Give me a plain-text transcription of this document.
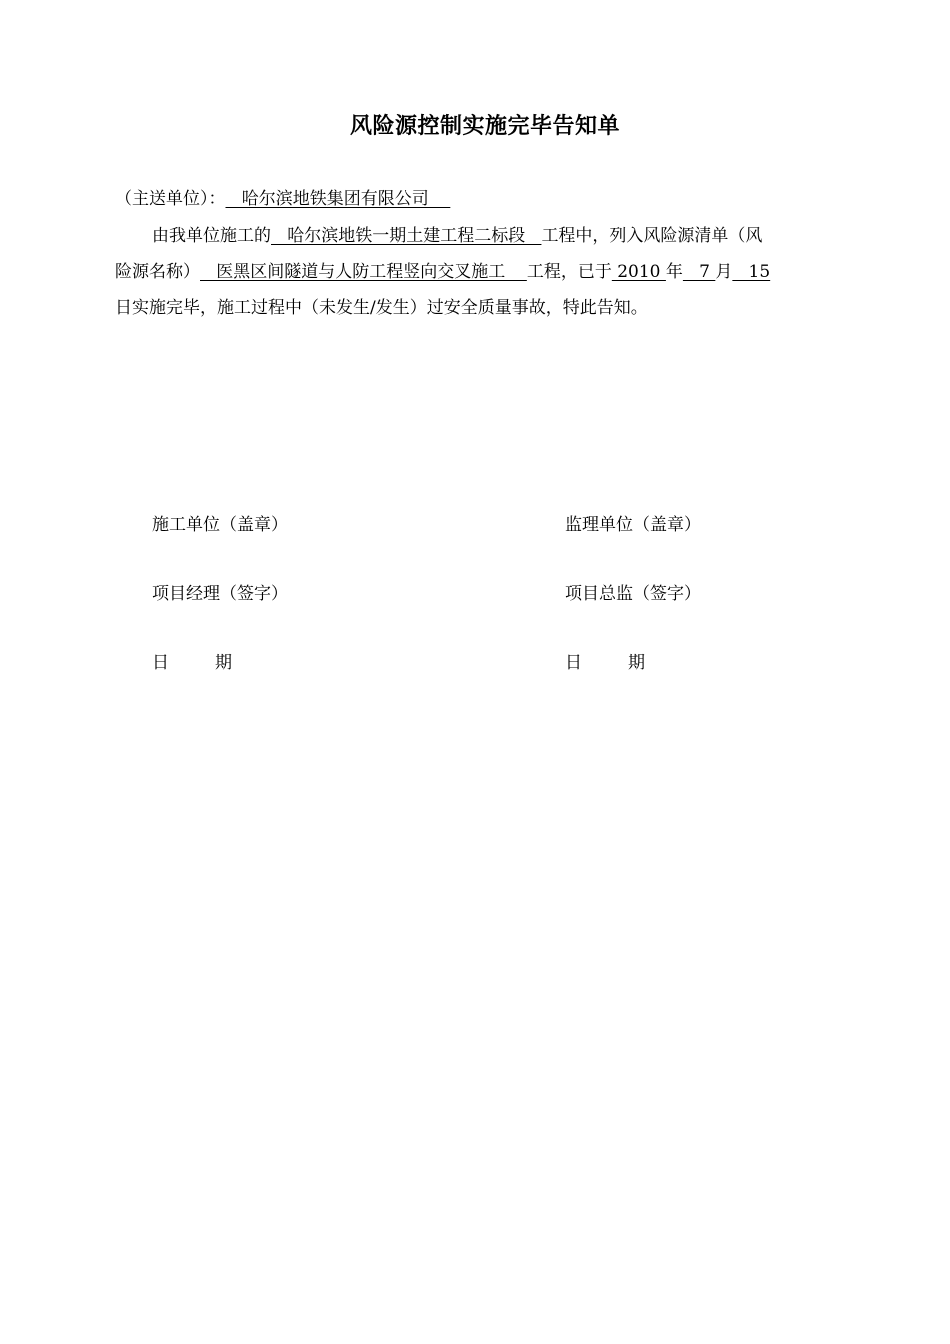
风险源控制实施完毕告知单
（主送单位）：   哈尔滨地铁集团有限公司
由我单位施工的   哈尔滨地铁一期土建工程二标段   工程中，列入风险源清单（风
险源名称）   医黑区间隧道与人防工程竖向交叉施工    工程，已于 2010 年   7 月   15
日实施完毕，施工过程中（未发生/发生）过安全质量事故，特此告知。
施工单位（盖章）	监理单位（盖章）
项目经理（签字）	项目总监（签字）
日	期	日	期
